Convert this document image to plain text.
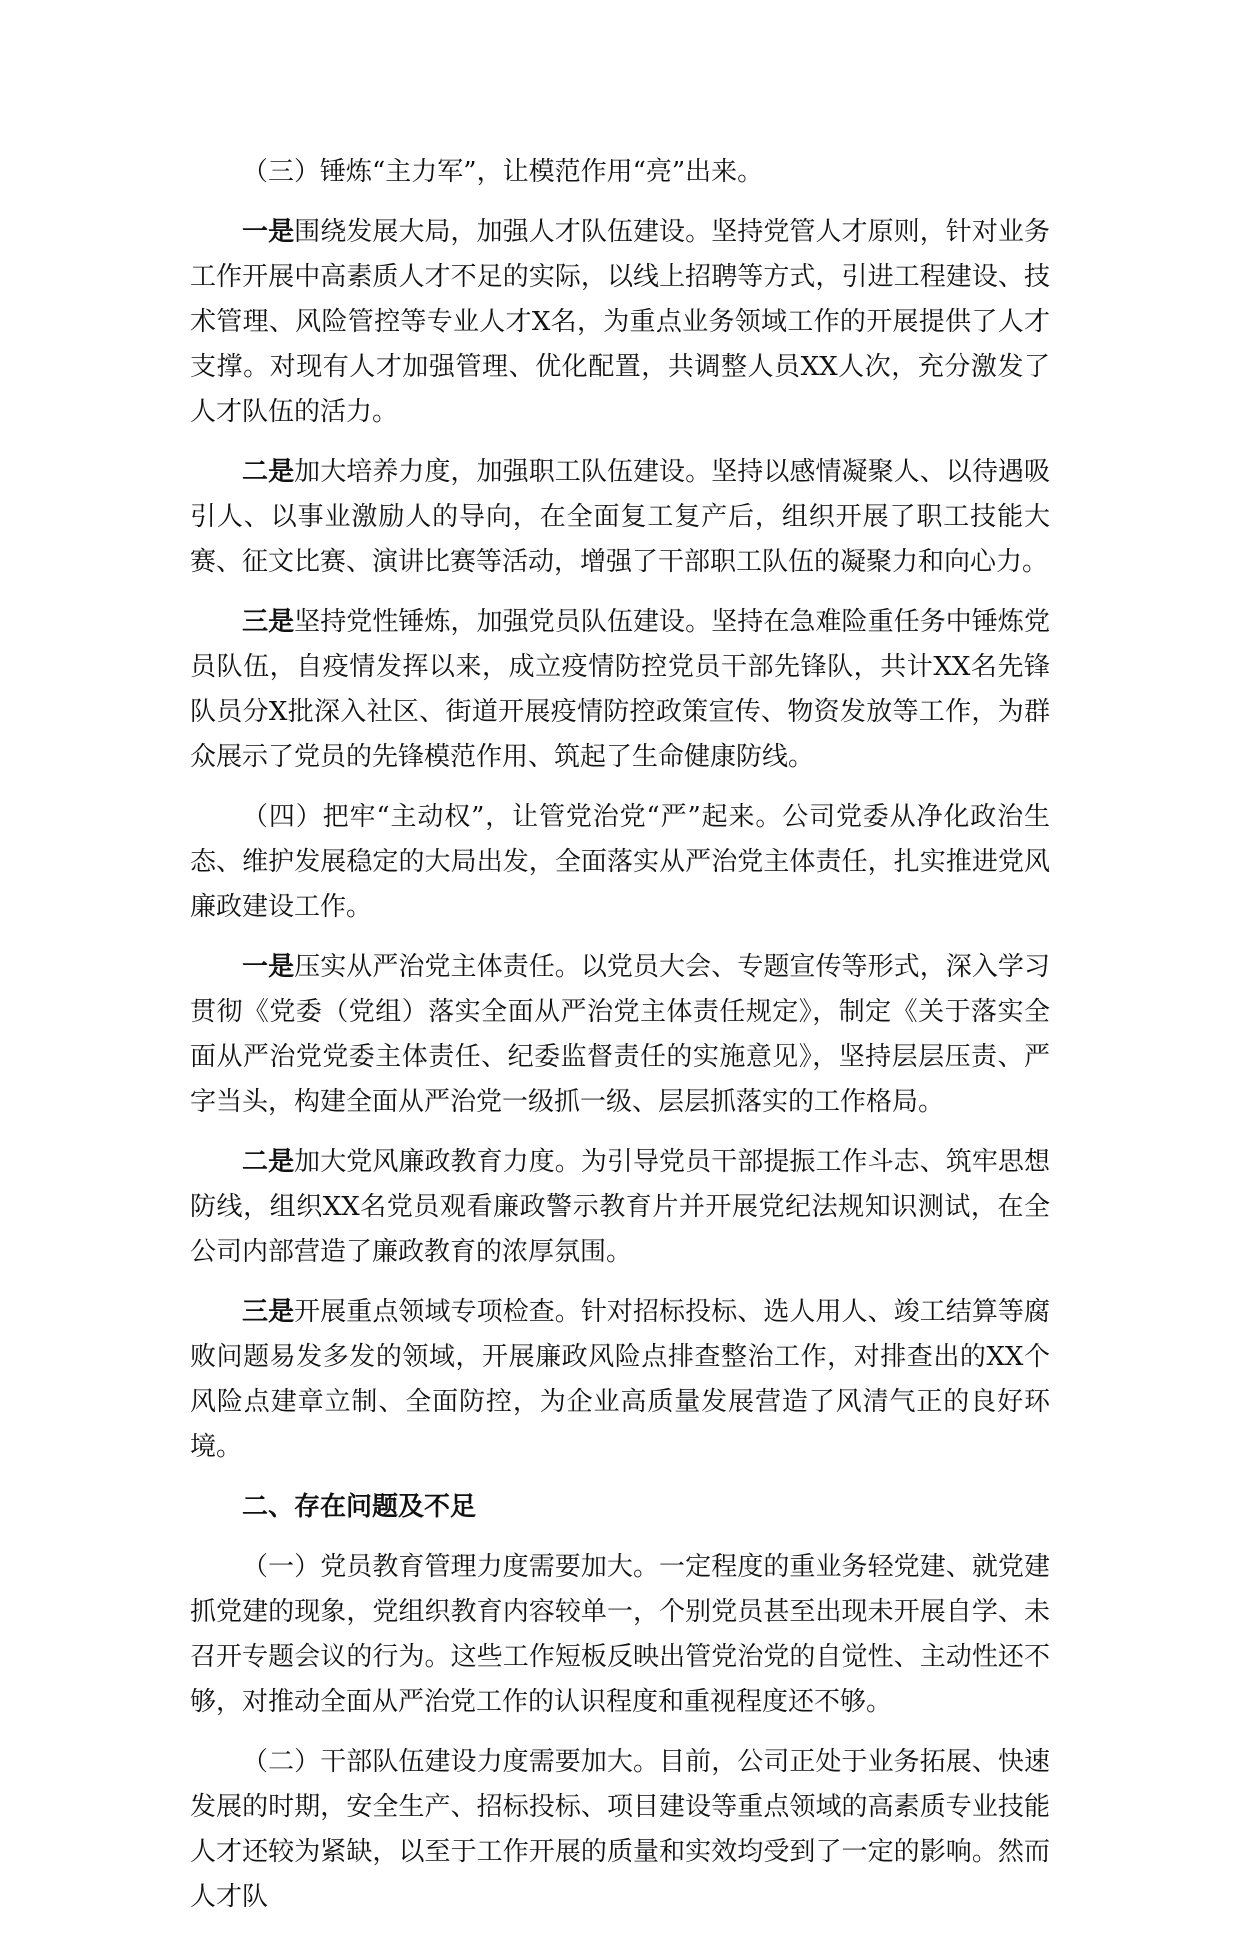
（三）锤炼“主力军”，让模范作用“亮”出来。

一是围绕发展大局，加强人才队伍建设。坚持党管人才原则，针对业务工作开展中高素质人才不足的实际，以线上招聘等方式，引进工程建设、技术管理、风险管控等专业人才X名，为重点业务领域工作的开展提供了人才支撑。对现有人才加强管理、优化配置，共调整人员XX人次，充分激发了人才队伍的活力。

二是加大培养力度，加强职工队伍建设。坚持以感情凝聚人、以待遇吸引人、以事业激励人的导向，在全面复工复产后，组织开展了职工技能大赛、征文比赛、演讲比赛等活动，增强了干部职工队伍的凝聚力和向心力。

三是坚持党性锤炼，加强党员队伍建设。坚持在急难险重任务中锤炼党员队伍，自疫情发挥以来，成立疫情防控党员干部先锋队，共计XX名先锋队员分X批深入社区、街道开展疫情防控政策宣传、物资发放等工作，为群众展示了党员的先锋模范作用、筑起了生命健康防线。

（四）把牢“主动权”，让管党治党“严”起来。公司党委从净化政治生态、维护发展稳定的大局出发，全面落实从严治党主体责任，扎实推进党风廉政建设工作。

一是压实从严治党主体责任。以党员大会、专题宣传等形式，深入学习贯彻《党委（党组）落实全面从严治党主体责任规定》，制定《关于落实全面从严治党党委主体责任、纪委监督责任的实施意见》，坚持层层压责、严字当头，构建全面从严治党一级抓一级、层层抓落实的工作格局。

二是加大党风廉政教育力度。为引导党员干部提振工作斗志、筑牢思想防线，组织XX名党员观看廉政警示教育片并开展党纪法规知识测试，在全公司内部营造了廉政教育的浓厚氛围。

三是开展重点领域专项检查。针对招标投标、选人用人、竣工结算等腐败问题易发多发的领域，开展廉政风险点排查整治工作，对排查出的XX个风险点建章立制、全面防控，为企业高质量发展营造了风清气正的良好环境。

二、存在问题及不足

（一）党员教育管理力度需要加大。一定程度的重业务轻党建、就党建抓党建的现象，党组织教育内容较单一，个别党员甚至出现未开展自学、未召开专题会议的行为。这些工作短板反映出管党治党的自觉性、主动性还不够，对推动全面从严治党工作的认识程度和重视程度还不够。

（二）干部队伍建设力度需要加大。目前，公司正处于业务拓展、快速发展的时期，安全生产、招标投标、项目建设等重点领域的高素质专业技能人才还较为紧缺，以至于工作开展的质量和实效均受到了一定的影响。然而人才队
